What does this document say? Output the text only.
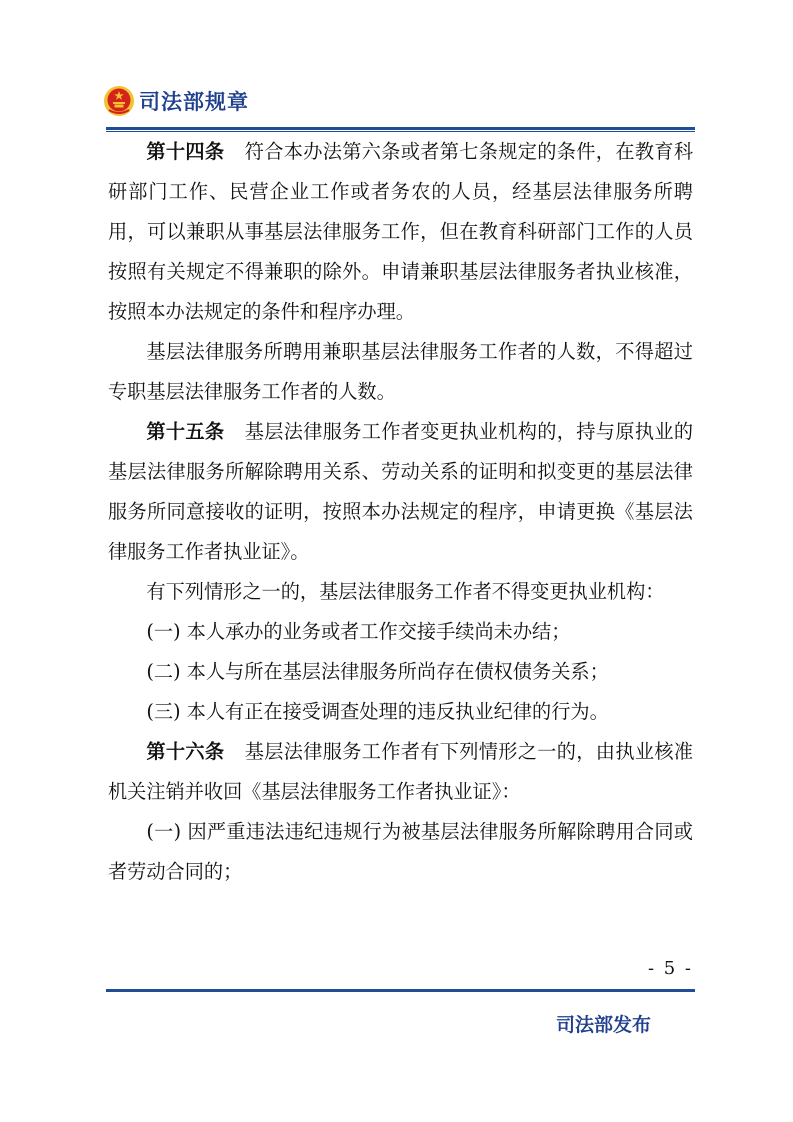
司法部规章

第十四条 符合本办法第六条或者第七条规定的条件，在教育科研部门工作、民营企业工作或者务农的人员，经基层法律服务所聘用，可以兼职从事基层法律服务工作，但在教育科研部门工作的人员按照有关规定不得兼职的除外。申请兼职基层法律服务者执业核准，按照本办法规定的条件和程序办理。

基层法律服务所聘用兼职基层法律服务工作者的人数，不得超过专职基层法律服务工作者的人数。

第十五条 基层法律服务工作者变更执业机构的，持与原执业的基层法律服务所解除聘用关系、劳动关系的证明和拟变更的基层法律服务所同意接收的证明，按照本办法规定的程序，申请更换《基层法律服务工作者执业证》。

有下列情形之一的，基层法律服务工作者不得变更执业机构：

(一) 本人承办的业务或者工作交接手续尚未办结；

(二) 本人与所在基层法律服务所尚存在债权债务关系；

(三) 本人有正在接受调查处理的违反执业纪律的行为。

第十六条 基层法律服务工作者有下列情形之一的，由执业核准机关注销并收回《基层法律服务工作者执业证》：

(一) 因严重违法违纪违规行为被基层法律服务所解除聘用合同或者劳动合同的；

- 5 -
司法部发布
